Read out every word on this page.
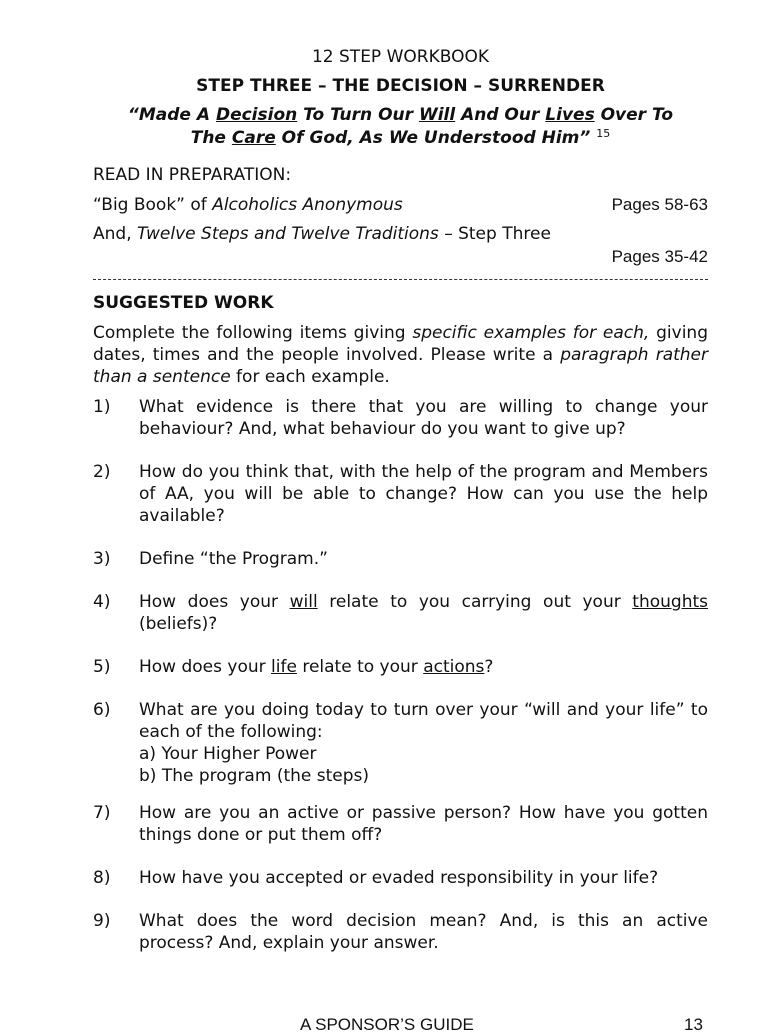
12 STEP WORKBOOK
STEP THREE – THE DECISION – SURRENDER
“Made A Decision To Turn Our Will And Our Lives Over To
The Care Of God, As We Understood Him” $^{15}$
READ IN PREPARATION:
“Big Book” of Alcoholics Anonymous	Pages 58-63
And, Twelve Steps and Twelve Traditions – Step Three
Pages 35-42
SUGGESTED WORK
Complete the following items giving specific examples for each, giving dates, times and the people involved. Please write a paragraph rather than a sentence for each example.
1)	What evidence is there that you are willing to change your behaviour? And, what behaviour do you want to give up?
2)	How do you think that, with the help of the program and Members of AA, you will be able to change? How can you use the help available?
3)	Define “the Program.”
4)	How does your will relate to you carrying out your thoughts (beliefs)?
5)	How does your life relate to your actions?
6)	What are you doing today to turn over your “will and your life” to each of the following:
a) Your Higher Power
b) The program (the steps)
7)	How are you an active or passive person? How have you gotten things done or put them off?
8)	How have you accepted or evaded responsibility in your life?
9)	What does the word decision mean? And, is this an active process? And, explain your answer.
A SPONSOR’S GUIDE	13
